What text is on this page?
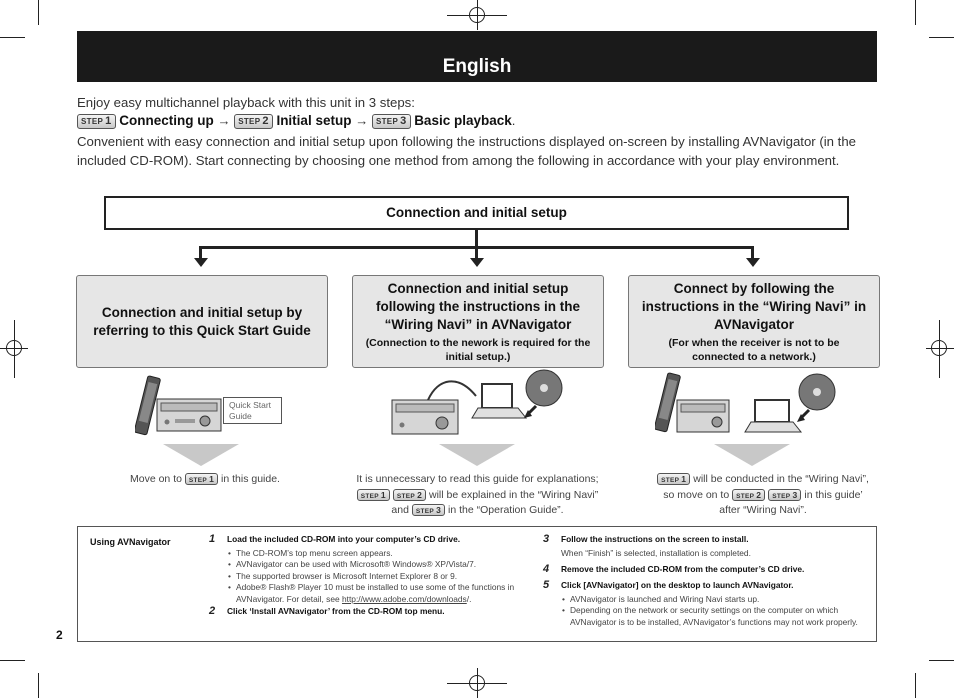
English
Enjoy easy multichannel playback with this unit in 3 steps:
STEP 1 Connecting up → STEP 2 Initial setup → STEP 3 Basic playback.
Convenient with easy connection and initial setup upon following the instructions displayed on-screen by installing AVNavigator (in the included CD-ROM). Start connecting by choosing one method from among the following in accordance with your play environment.
Connection and initial setup
Connection and initial setup by referring to this Quick Start Guide
Connection and initial setup following the instructions in the “Wiring Navi” in AVNavigator
(Connection to the nework is required for the initial setup.)
Connect by following the instructions in the “Wiring Navi” in AVNavigator
(For when the receiver is not to be connected to a network.)
Quick Start Guide
Move on to STEP 1 in this guide.	It is unnecessary to read this guide for explanations;
STEP 1 STEP 2 will be explained in the “Wiring Navi”
and STEP 3 in the “Operation Guide”.
STEP 1 will be conducted in the “Wiring Navi”,
so move on to STEP 2 STEP 3 in this guide’
after “Wiring Navi”.
Using AVNavigator	1 Load the included CD-ROM into your computer’s CD drive.
• The CD-ROM’s top menu screen appears.
• AVNavigator can be used with Microsoft® Windows® XP/Vista/7.
• The supported browser is Microsoft Internet Explorer 8 or 9.
• Adobe® Flash® Player 10 must be installed to use some of the functions in AVNavigator. For detail, see http://www.adobe.com/downloads/.
2 Click ‘Install AVNavigator’ from the CD-ROM top menu.
3 Follow the instructions on the screen to install.
When “Finish” is selected, installation is completed.
4 Remove the included CD-ROM from the computer’s CD drive.
5 Click [AVNavigator] on the desktop to launch AVNavigator.
• AVNavigator is launched and Wiring Navi starts up.
• Depending on the network or security settings on the computer on which AVNavigator is to be installed, AVNavigator’s functions may not work properly.
2
